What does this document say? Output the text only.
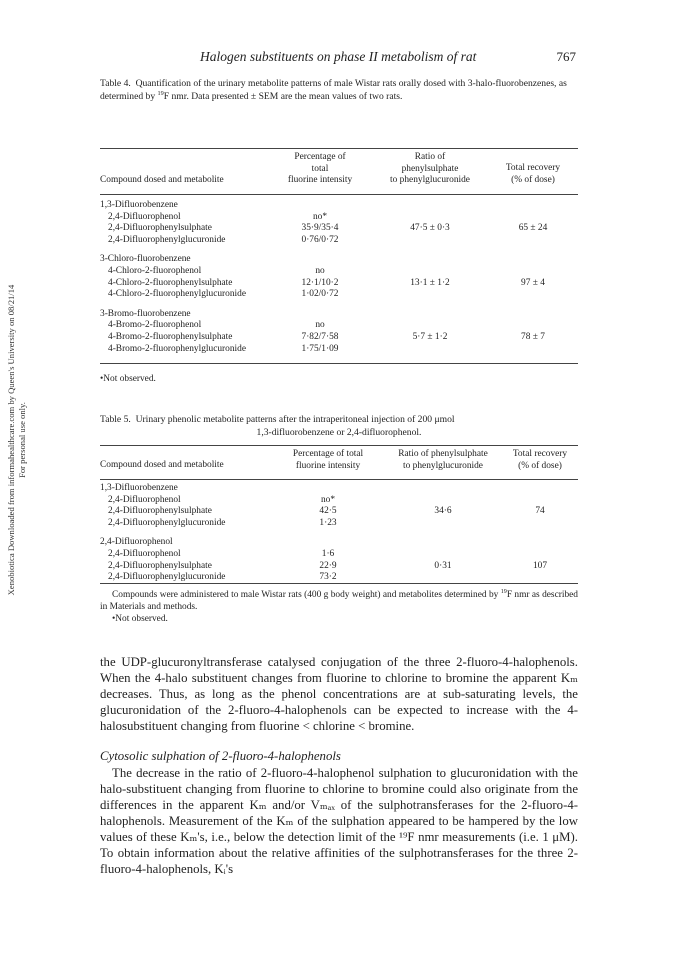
Xenobiotica Downloaded from informahealthcare.com by Queen's University on 08/21/14 For personal use only.
Halogen substituents on phase II metabolism of rat	767
Table 4. Quantification of the urinary metabolite patterns of male Wistar rats orally dosed with 3-halo-fluorobenzenes, as determined by $^{19}$F nmr. Data presented ± SEM are the mean values of two rats.
Compound dosed and metabolite
Percentage of
total
fluorine intensity
Ratio of
phenylsulphate
to phenylglucuronide
Total recovery
(% of dose)
1,3-Difluorobenzene
2,4-Difluorophenol	no*
2,4-Difluorophenylsulphate	35·9/35·4	47·5 ± 0·3	65 ± 24
2,4-Difluorophenylglucuronide	0·76/0·72
3-Chloro-fluorobenzene
4-Chloro-2-fluorophenol	no
4-Chloro-2-fluorophenylsulphate	12·1/10·2	13·1 ± 1·2	97 ± 4
4-Chloro-2-fluorophenylglucuronide	1·02/0·72
3-Bromo-fluorobenzene
4-Bromo-2-fluorophenol	no
4-Bromo-2-fluorophenylsulphate	7·82/7·58	5·7 ± 1·2	78 ± 7
4-Bromo-2-fluorophenylglucuronide	1·75/1·09
•Not observed.
Table 5. Urinary phenolic metabolite patterns after the intraperitoneal injection of 200 μmol
1,3-difluorobenzene or 2,4-difluorophenol.
Compound dosed and metabolite
Percentage of total
fluorine intensity
Ratio of phenylsulphate
to phenylglucuronide
Total recovery
(% of dose)
1,3-Difluorobenzene
2,4-Difluorophenol	no*
2,4-Difluorophenylsulphate	42·5	34·6	74
2,4-Difluorophenylglucuronide	1·23
2,4-Difluorophenol
2,4-Difluorophenol	1·6
2,4-Difluorophenylsulphate	22·9	0·31	107
2,4-Difluorophenylglucuronide	73·2
Compounds were administered to male Wistar rats (400 g body weight) and metabolites determined by $^{19}$F nmr as described in Materials and methods.
•Not observed.

the UDP-glucuronyltransferase catalysed conjugation of the three 2-fluoro-4-halophenols. When the 4-halo substituent changes from fluorine to chlorine to bromine the apparent Kₘ decreases. Thus, as long as the phenol concentrations are at sub-saturating levels, the glucuronidation of the 2-fluoro-4-halophenols can be expected to increase with the 4-halosubstituent changing from fluorine < chlorine < bromine.

Cytosolic sulphation of 2-fluoro-4-halophenols

The decrease in the ratio of 2-fluoro-4-halophenol sulphation to glucuronidation with the halo-substituent changing from fluorine to chlorine to bromine could also originate from the differences in the apparent Kₘ and/or Vₘₐₓ of the sulphotransferases for the 2-fluoro-4-halophenols. Measurement of the Kₘ of the sulphation appeared to be hampered by the low values of these Kₘ's, i.e., below the detection limit of the ¹⁹F nmr measurements (i.e. 1 μM). To obtain information about the relative affinities of the sulphotransferases for the three 2-fluoro-4-halophenols, Kᵢ's
